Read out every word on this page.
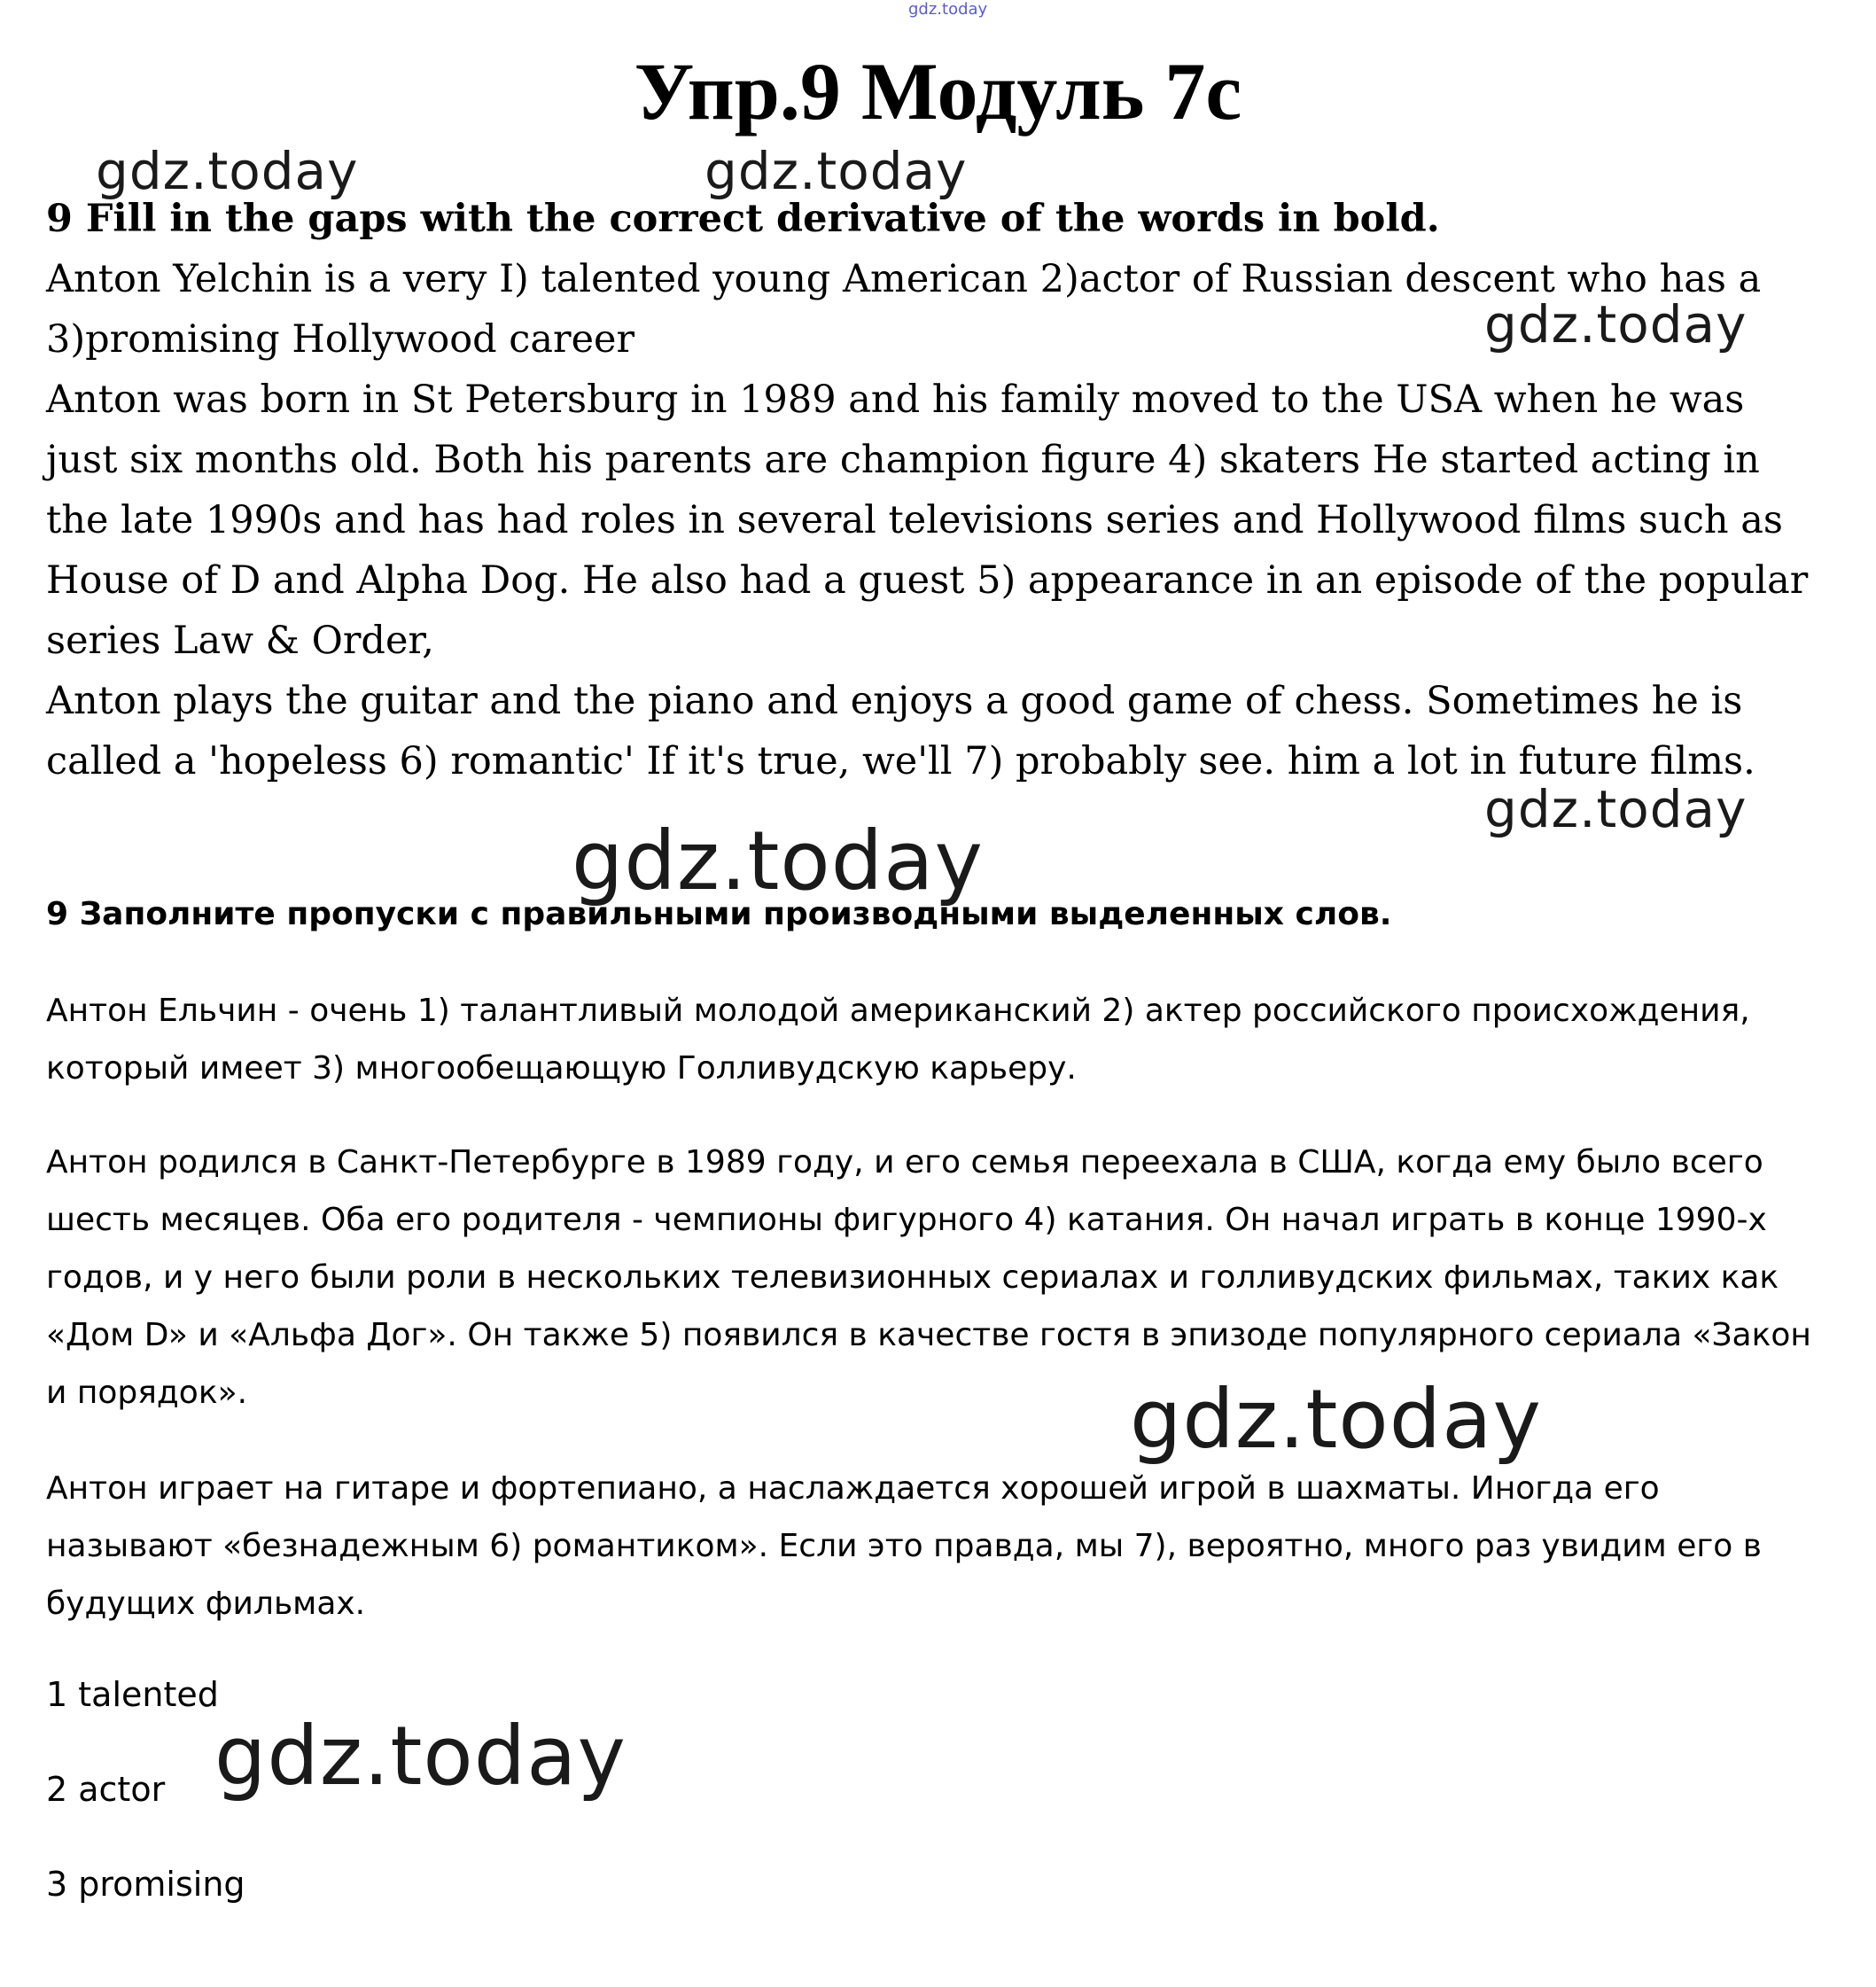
gdz.today
Упр.9 Модуль 7с
gdz.today	gdz.today
gdz.today
gdz.today
gdz.today
gdz.today
gdz.today
9 Fill in the gaps with the correct derivative of the words in bold.

Anton Yelchin is a very I) talented young American 2)actor of Russian descent who has a 3)promising Hollywood career

Anton was born in St Petersburg in 1989 and his family moved to the USA when he was just six months old. Both his parents are champion figure 4) skaters He started acting in the late 1990s and has had roles in several televisions series and Hollywood films such as House of D and Alpha Dog. He also had a guest 5) appearance in an episode of the popular series Law & Order,

Anton plays the guitar and the piano and enjoys a good game of chess. Sometimes he is called a 'hopeless 6) romantic' If it's true, we'll 7) probably see. him a lot in future films.

9 Заполните пропуски с правильными производными выделенных слов.

Антон Ельчин - очень 1) талантливый молодой американский 2) актер российского происхождения, который имеет 3) многообещающую Голливудскую карьеру.

Антон родился в Санкт-Петербурге в 1989 году, и его семья переехала в США, когда ему было всего шесть месяцев. Оба его родителя - чемпионы фигурного 4) катания. Он начал играть в конце 1990-х годов, и у него были роли в нескольких телевизионных сериалах и голливудских фильмах, таких как «Дом D» и «Альфа Дог». Он также 5) появился в качестве гостя в эпизоде популярного сериала «Закон и порядок».

Антон играет на гитаре и фортепиано, а наслаждается хорошей игрой в шахматы. Иногда его называют «безнадежным 6) романтиком». Если это правда, мы 7), вероятно, много раз увидим его в будущих фильмах.

1 talented

2 actor

3 promising
